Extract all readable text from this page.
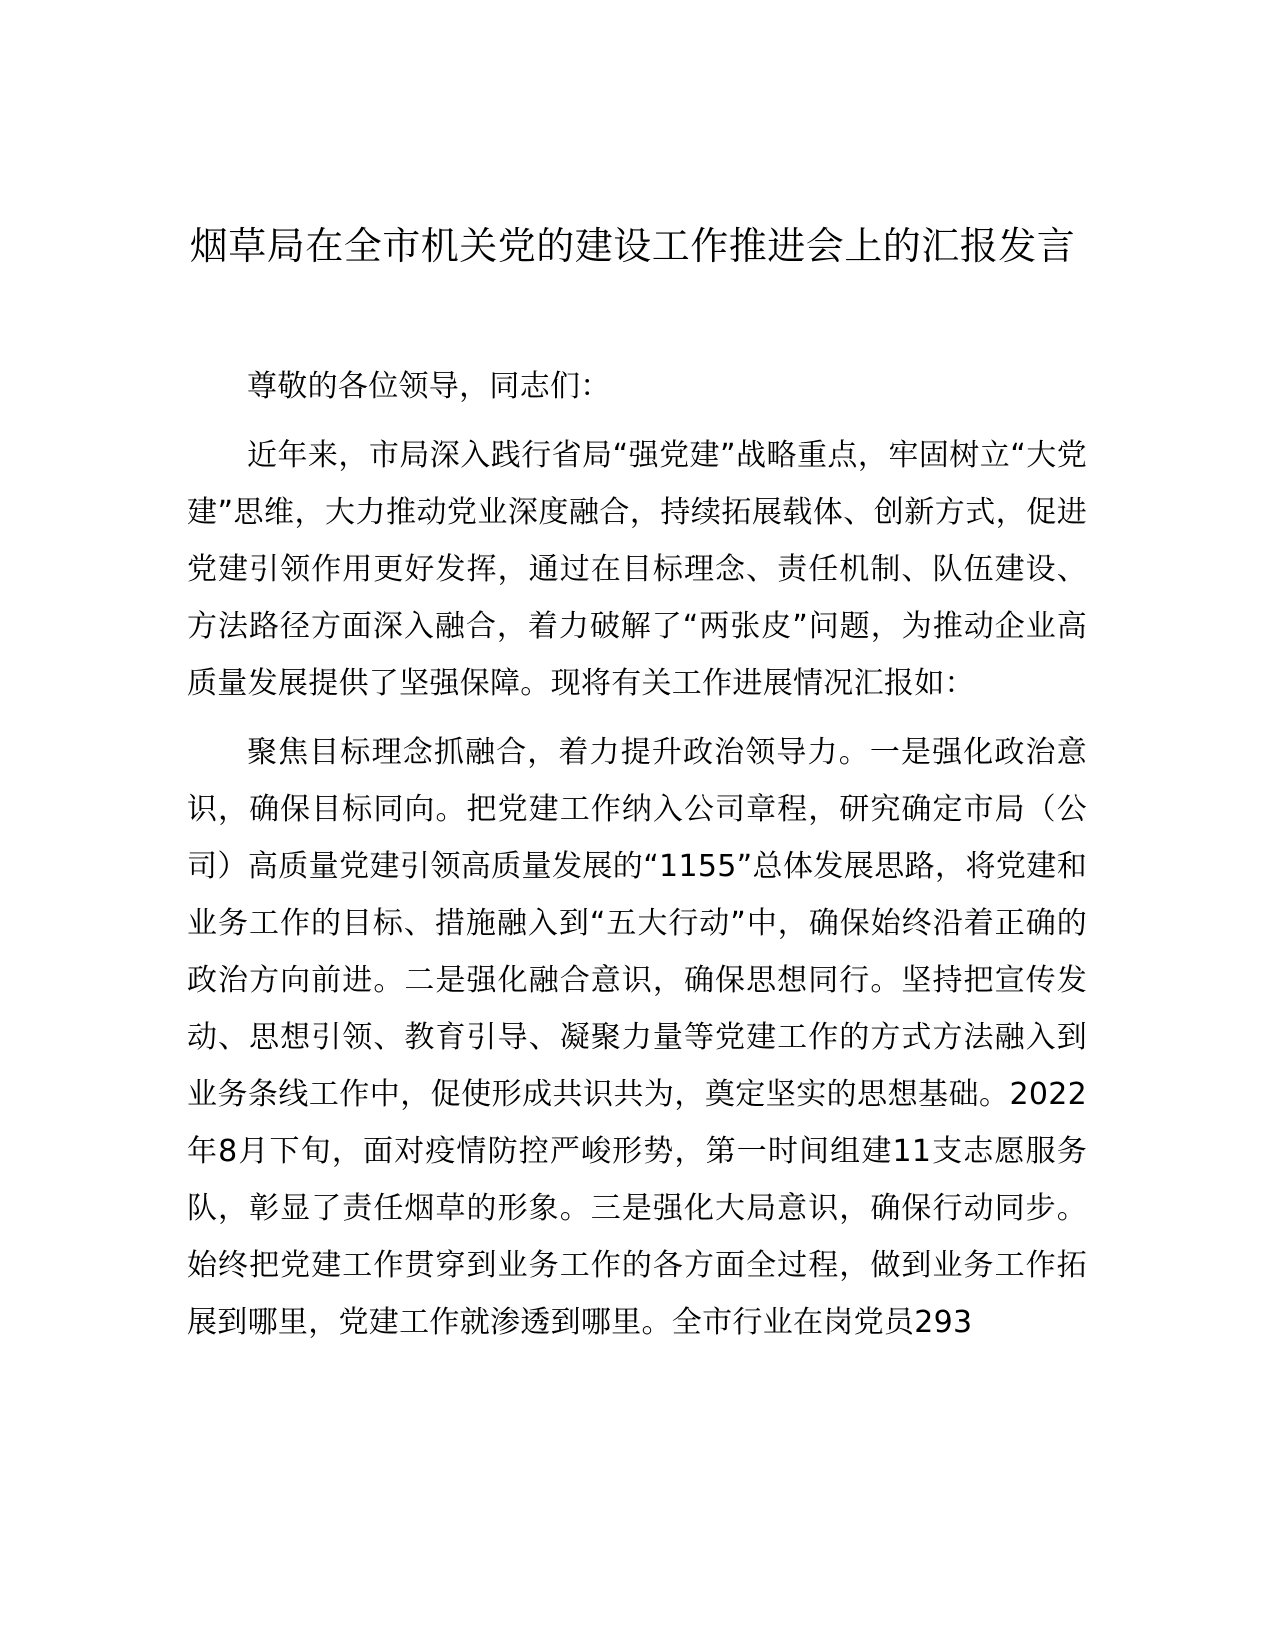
烟草局在全市机关党的建设工作推进会上的汇报发言

尊敬的各位领导，同志们：

近年来，市局深入践行省局“强党建”战略重点，牢固树立“大党建”思维，大力推动党业深度融合，持续拓展载体、创新方式，促进党建引领作用更好发挥，通过在目标理念、责任机制、队伍建设、方法路径方面深入融合，着力破解了“两张皮”问题，为推动企业高质量发展提供了坚强保障。现将有关工作进展情况汇报如：

聚焦目标理念抓融合，着力提升政治领导力。一是强化政治意识，确保目标同向。把党建工作纳入公司章程，研究确定市局（公司）高质量党建引领高质量发展的“1155”总体发展思路，将党建和业务工作的目标、措施融入到“五大行动”中，确保始终沿着正确的政治方向前进。二是强化融合意识，确保思想同行。坚持把宣传发动、思想引领、教育引导、凝聚力量等党建工作的方式方法融入到业务条线工作中，促使形成共识共为，奠定坚实的思想基础。2022年8月下旬，面对疫情防控严峻形势，第一时间组建11支志愿服务队，彰显了责任烟草的形象。三是强化大局意识，确保行动同步。始终把党建工作贯穿到业务工作的各方面全过程，做到业务工作拓展到哪里，党建工作就渗透到哪里。全市行业在岗党员293
